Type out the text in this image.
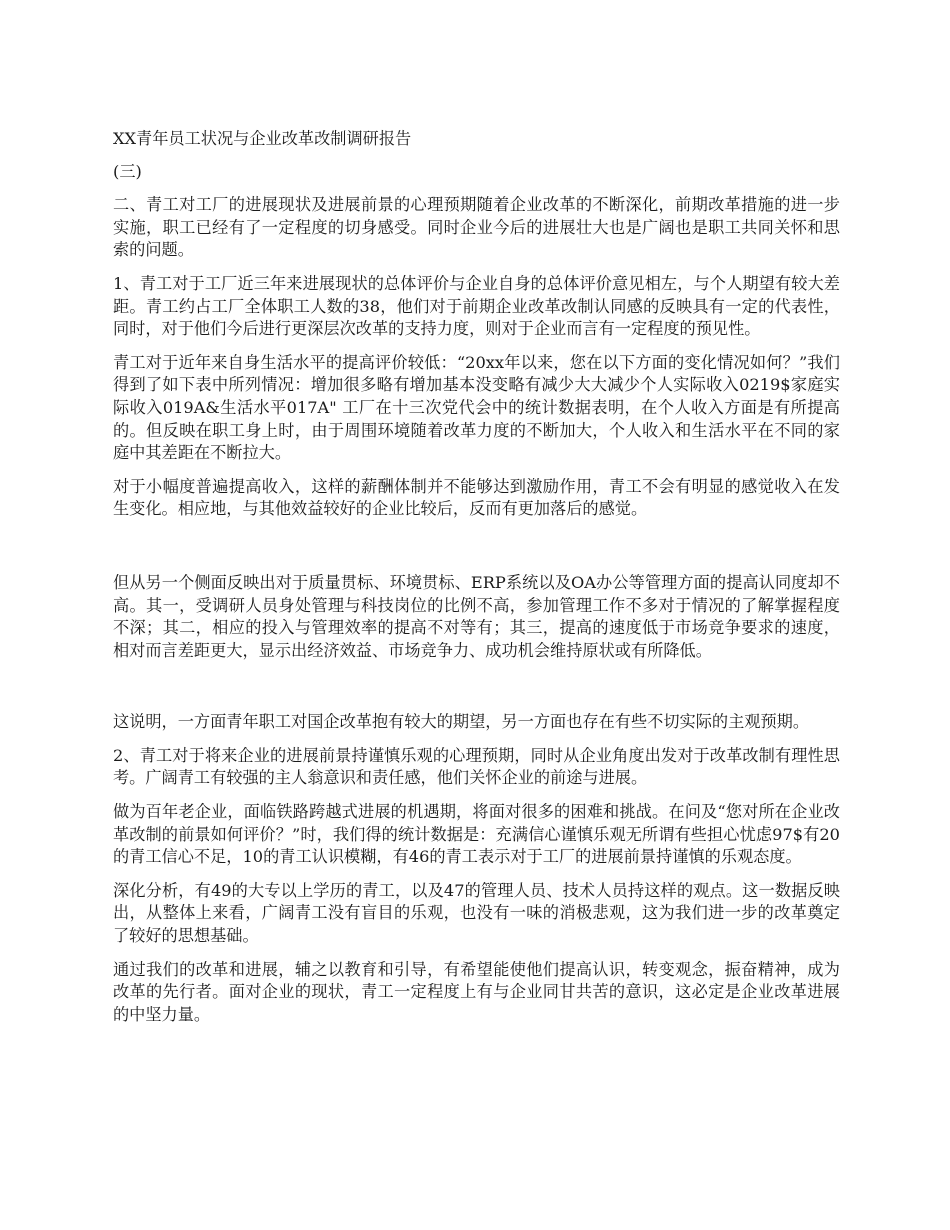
XX青年员工状况与企业改革改制调研报告

(三)

二、青工对工厂的进展现状及进展前景的心理预期随着企业改革的不断深化，前期改革措施的进一步实施，职工已经有了一定程度的切身感受。同时企业今后的进展壮大也是广阔也是职工共同关怀和思索的问题。

1、青工对于工厂近三年来进展现状的总体评价与企业自身的总体评价意见相左，与个人期望有较大差距。青工约占工厂全体职工人数的38，他们对于前期企业改革改制认同感的反映具有一定的代表性，同时，对于他们今后进行更深层次改革的支持力度，则对于企业而言有一定程度的预见性。

青工对于近年来自身生活水平的提高评价较低：“20xx年以来，您在以下方面的变化情况如何？”我们得到了如下表中所列情况：增加很多略有增加基本没变略有减少大大减少个人实际收入0219$家庭实际收入019A&生活水平017A" 工厂在十三次党代会中的统计数据表明，在个人收入方面是有所提高的。但反映在职工身上时，由于周围环境随着改革力度的不断加大，个人收入和生活水平在不同的家庭中其差距在不断拉大。

对于小幅度普遍提高收入，这样的薪酬体制并不能够达到激励作用，青工不会有明显的感觉收入在发生变化。相应地，与其他效益较好的企业比较后，反而有更加落后的感觉。

但从另一个侧面反映出对于质量贯标、环境贯标、ERP系统以及OA办公等管理方面的提高认同度却不高。其一，受调研人员身处管理与科技岗位的比例不高，参加管理工作不多对于情况的了解掌握程度不深；其二，相应的投入与管理效率的提高不对等有；其三，提高的速度低于市场竞争要求的速度，相对而言差距更大，显示出经济效益、市场竞争力、成功机会维持原状或有所降低。

这说明，一方面青年职工对国企改革抱有较大的期望，另一方面也存在有些不切实际的主观预期。

2、青工对于将来企业的进展前景持谨慎乐观的心理预期，同时从企业角度出发对于改革改制有理性思考。广阔青工有较强的主人翁意识和责任感，他们关怀企业的前途与进展。

做为百年老企业，面临铁路跨越式进展的机遇期，将面对很多的困难和挑战。在问及“您对所在企业改革改制的前景如何评价？”时，我们得的统计数据是：充满信心谨慎乐观无所谓有些担心忧虑97$有20的青工信心不足，10的青工认识模糊，有46的青工表示对于工厂的进展前景持谨慎的乐观态度。

深化分析，有49的大专以上学历的青工，以及47的管理人员、技术人员持这样的观点。这一数据反映出，从整体上来看，广阔青工没有盲目的乐观，也没有一味的消极悲观，这为我们进一步的改革奠定了较好的思想基础。

通过我们的改革和进展，辅之以教育和引导，有希望能使他们提高认识，转变观念，振奋精神，成为改革的先行者。面对企业的现状，青工一定程度上有与企业同甘共苦的意识，这必定是企业改革进展的中坚力量。
